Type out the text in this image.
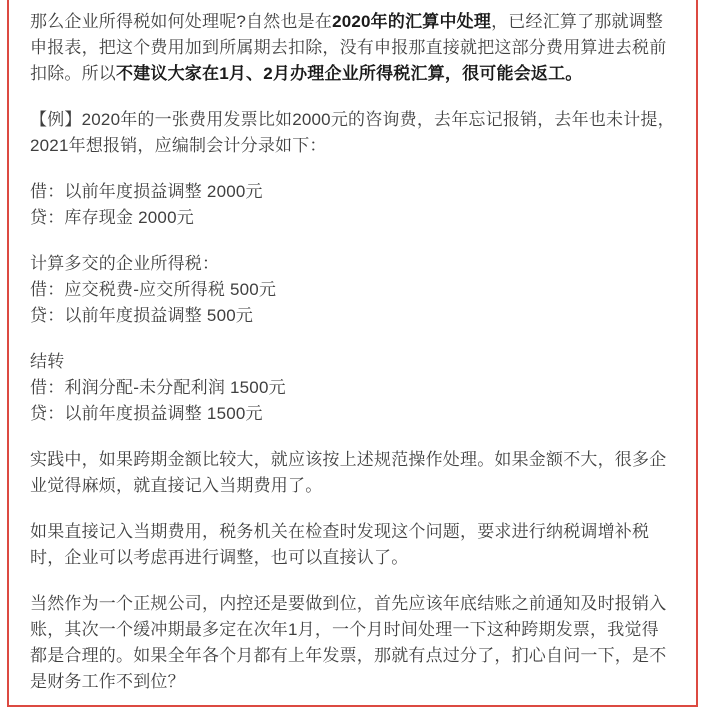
那么企业所得税如何处理呢?自然也是在2020年的汇算中处理，已经汇算了那就调整申报表，把这个费用加到所属期去扣除，没有申报那直接就把这部分费用算进去税前扣除。所以不建议大家在1月、2月办理企业所得税汇算，很可能会返工。

【例】2020年的一张费用发票比如2000元的咨询费，去年忘记报销，去年也未计提，2021年想报销，应编制会计分录如下：

借：以前年度损益调整 2000元
贷：库存现金 2000元

计算多交的企业所得税：
借：应交税费-应交所得税 500元
贷：以前年度损益调整 500元

结转
借：利润分配-未分配利润 1500元
贷：以前年度损益调整 1500元

实践中，如果跨期金额比较大，就应该按上述规范操作处理。如果金额不大，很多企业觉得麻烦，就直接记入当期费用了。

如果直接记入当期费用，税务机关在检查时发现这个问题，要求进行纳税调增补税时，企业可以考虑再进行调整，也可以直接认了。

当然作为一个正规公司，内控还是要做到位，首先应该年底结账之前通知及时报销入账，其次一个缓冲期最多定在次年1月，一个月时间处理一下这种跨期发票，我觉得都是合理的。如果全年各个月都有上年发票，那就有点过分了，扪心自问一下，是不是财务工作不到位？
